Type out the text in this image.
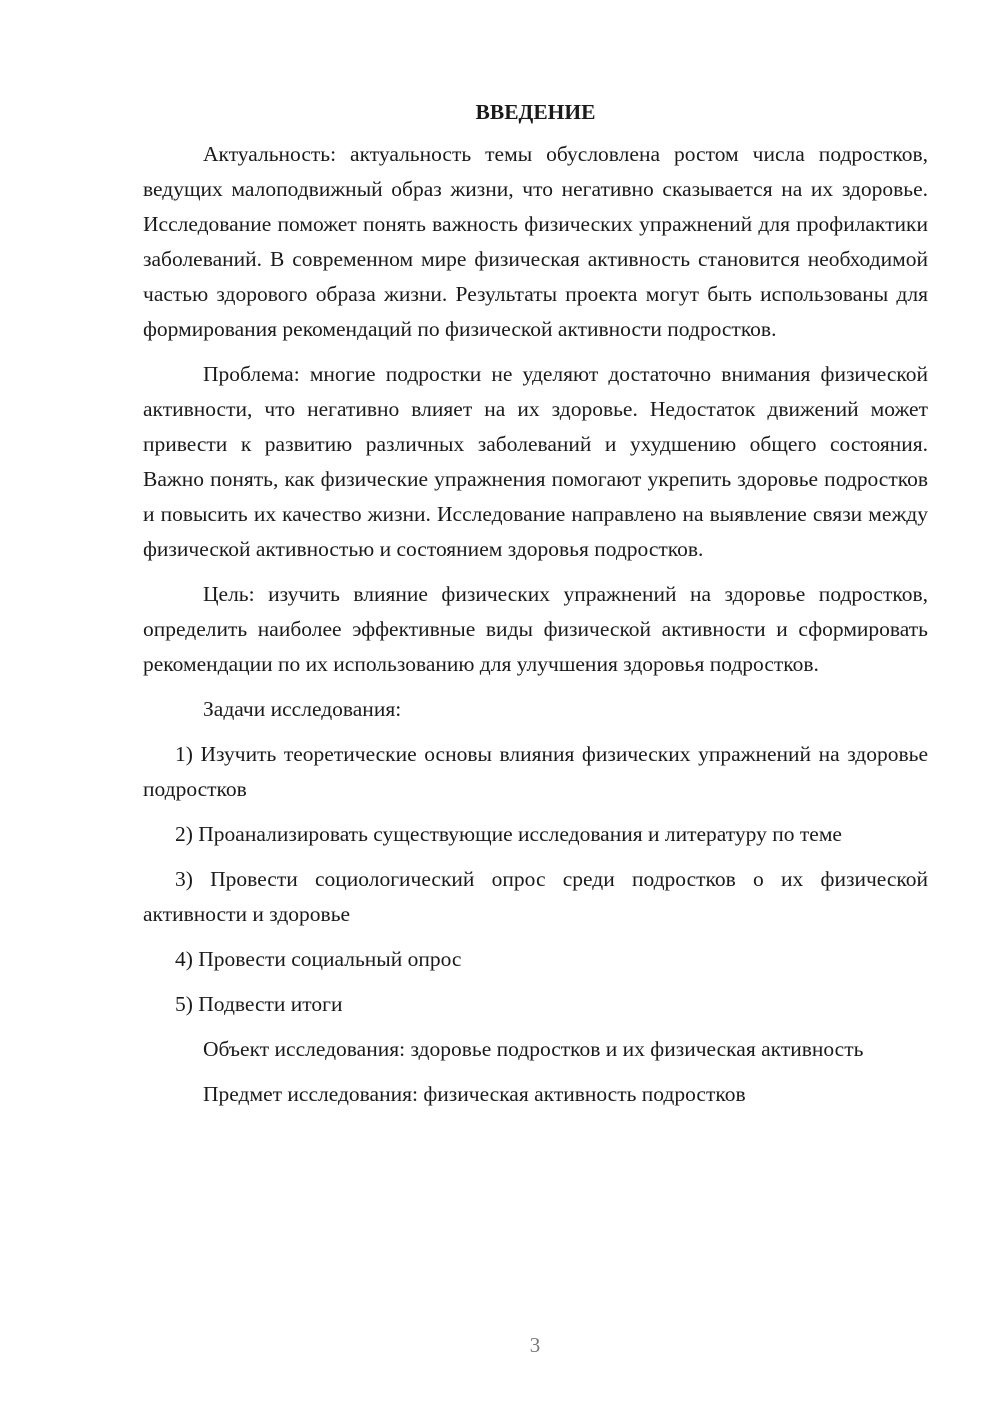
ВВЕДЕНИЕ

Актуальность: актуальность темы обусловлена ростом числа подростков, ведущих малоподвижный образ жизни, что негативно сказывается на их здоровье. Исследование поможет понять важность физических упражнений для профилактики заболеваний. В современном мире физическая активность становится необходимой частью здорового образа жизни. Результаты проекта могут быть использованы для формирования рекомендаций по физической активности подростков.

Проблема: многие подростки не уделяют достаточно внимания физической активности, что негативно влияет на их здоровье. Недостаток движений может привести к развитию различных заболеваний и ухудшению общего состояния. Важно понять, как физические упражнения помогают укрепить здоровье подростков и повысить их качество жизни. Исследование направлено на выявление связи между физической активностью и состоянием здоровья подростков.

Цель: изучить влияние физических упражнений на здоровье подростков, определить наиболее эффективные виды физической активности и сформировать рекомендации по их использованию для улучшения здоровья подростков.

Задачи исследования:

1) Изучить теоретические основы влияния физических упражнений на здоровье подростков

2) Проанализировать существующие исследования и литературу по теме

3) Провести социологический опрос среди подростков о их физической активности и здоровье

4) Провести социальный опрос

5) Подвести итоги

Объект исследования: здоровье подростков и их физическая активность

Предмет исследования: физическая активность подростков

3
